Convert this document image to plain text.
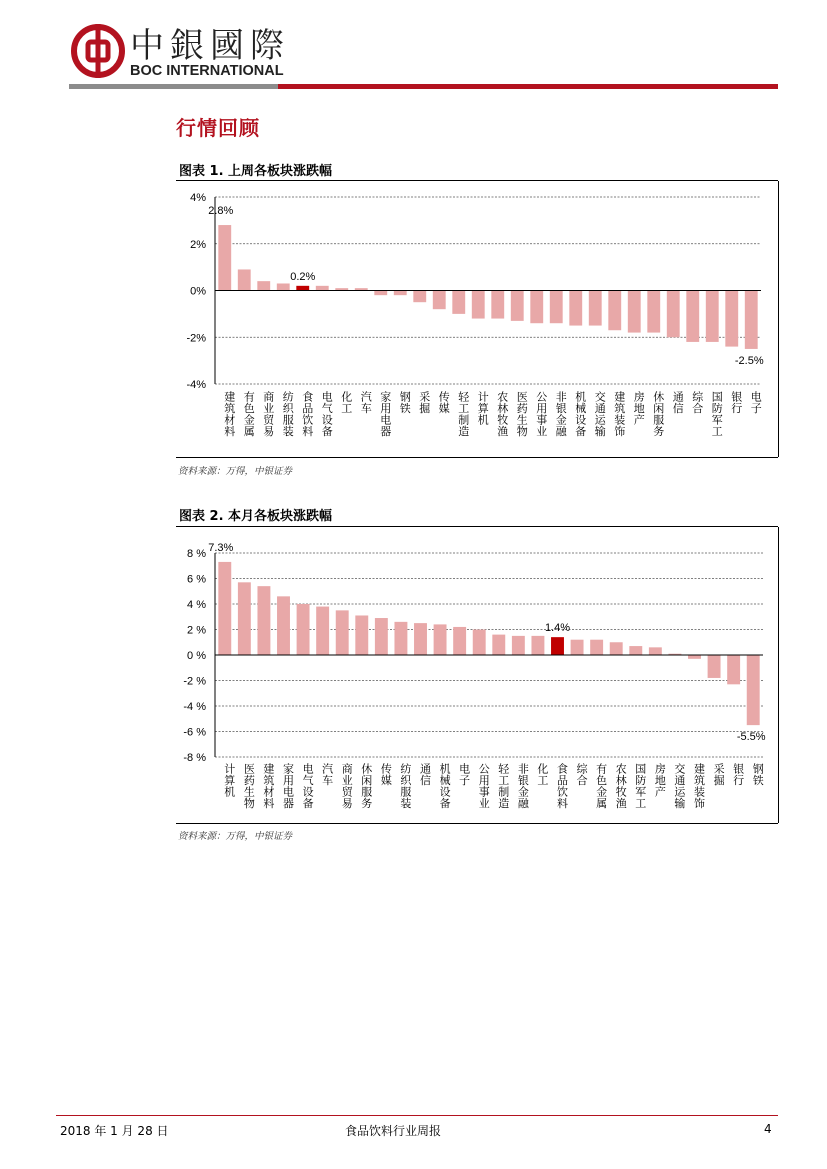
中銀國際
BOC INTERNATIONAL
行情回顾
图表 1. 上周各板块涨跌幅
4%
2%
0%
-2%
-4%
建筑材料
2.8%
有色金属 商业贸易 纺织服装 食品饮料
0.2%
电气设备 化工 汽车 家用电器 钢铁 采掘 传媒 轻工制造 计算机 农林牧渔 医药生物 公用事业 非银金融 机械设备 交通运输 建筑装饰 房地产 休闲服务 通信 综合 国防军工 银行 电子
-2.5%
资料来源：万得，中银证券
图表 2. 本月各板块涨跌幅
8 %
6 %
4 %
2 %
0 %
-2 %
-4 %
-6 %
-8 %
计算机
7.3%
医药生物 建筑材料 家用电器 电气设备 汽车 商业贸易 休闲服务 传媒 纺织服装 通信 机械设备 电子 公用事业 轻工制造 非银金融 化工 食品饮料
1.4%
综合 有色金属 农林牧渔 国防军工 房地产 交通运输 建筑装饰 采掘 银行 钢铁
-5.5%
资料来源：万得，中银证券
2018 年 1 月 28 日	食品饮料行业周报	4
